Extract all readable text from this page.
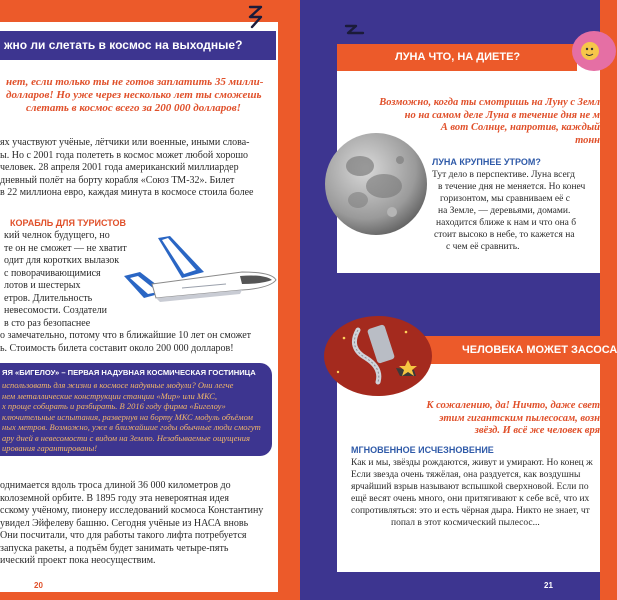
жно ли слетать в космос на выходные?
нет, если только ты не готов заплатить 35 милли-
долларов! Но уже через несколько лет ты сможешь
слетать в космос всего за 200 000 долларов!
ях участвуют учёные, лётчики или военные, иными слова-
ы. Но с 2001 года полететь в космос может любой хорошо
человек. 28 апреля 2001 года американский миллиардер
дневный полёт на борту корабля «Союз ТМ-32». Билет
в 22 миллиона евро, каждая минута в космосе стоила более
КОРАБЛЬ ДЛЯ ТУРИСТОВ
кий челнок будущего, но
те он не сможет — не хватит
одит для коротких вылазок
с поворачивающимися
лотов и шестерых
етров. Длительность
невесомости. Создатели
в сто раз безопаснее
о замечательно, потому что в ближайшие 10 лет он сможет
ь. Стоимость билета составит около 200 000 долларов!
ЯЯ «БИГЕЛОУ» – ПЕРВАЯ НАДУВНАЯ КОСМИЧЕСКАЯ ГОСТИНИЦА
использовать для жизни в космосе надувные модули? Они легче
нем металлические конструкции станции «Мир» или МКС,
х проще собирать и разбирать. В 2016 году фирма «Бигелоу»
ключительные испытания, развернув на борту МКС модуль объёмом
ных метров. Возможно, уже в ближайшие годы обычные люди смогут
ару дней в невесомости с видом на Землю. Незабываемые ощущения
ирования гарантированы!
однимается вдоль троса длиной 36 000 километров до
колоземной орбите. В 1895 году эта невероятная идея
сскому учёному, пионеру исследований космоса Константину
увидел Эйфелеву башню. Сегодня учёные из НАСА вновь
Они посчитали, что для работы такого лифта потребуется
запуска ракеты, а подъём будет занимать четыре-пять
ический проект пока неосуществим.
20
ЛУНА ЧТО, НА ДИЕТЕ?
Возможно, когда ты смотришь на Луну с Земл
но на самом деле Луна в течение дня не м
А вот Солнце, напротив, каждый
тонн
ЛУНА КРУПНЕЕ УТРОМ?
Тут дело в перспективе. Луна всегд
в течение дня не меняется. Но конеч
горизонтом, мы сравниваем её с
на Земле, — деревьями, домами.
находится ближе к нам и что она б
стоит высоко в небе, то кажется на
с чем её сравнить.
ЧЕЛОВЕКА МОЖЕТ ЗАСОСА
К сожалению, да! Ничто, даже свет
этим гигантским пылесосам, возн
звёзд. И всё же человек вря
МГНОВЕННОЕ ИСЧЕЗНОВЕНИЕ
Как и мы, звёзды рождаются, живут и умирают. Но конец ж
Если звезда очень тяжёлая, она раздуется, как воздушны
ярчайший взрыв называют вспышкой сверхновой. Если по
ещё весят очень много, они притягивают к себе всё, что их
сопротивляться: это и есть чёрная дыра. Никто не знает, чт
попал в этот космический пылесос...
21
